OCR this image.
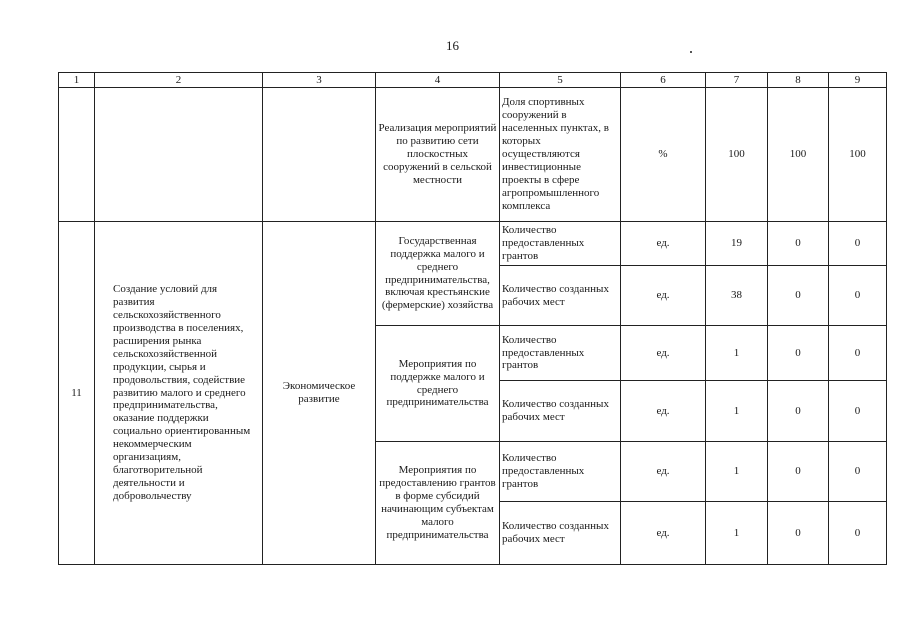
16
1	2	3	4	5	6	7	8	9
			Реализация мероприятий по развитию сети плоскостных сооружений в сельской местности	Доля спортивных сооружений в населенных пунктах, в которых осуществляются инвестиционные проекты в сфере агропромышленного комплекса	%	100	100	100
11	Создание условий для развития сельскохозяйственного производства в поселениях, расширения рынка сельскохозяйственной продукции, сырья и продовольствия, содействие развитию малого и среднего предпринимательства, оказание поддержки социально ориентированным некоммерческим организациям, благотворительной деятельности и добровольчеству	Экономическое развитие	Государственная поддержка малого и среднего предпринимательства, включая крестьянские (фермерские) хозяйства	Количество предоставленных грантов	ед.	19	0	0
				Количество созданных рабочих мест	ед.	38	0	0
			Мероприятия по поддержке малого и среднего предпринимательства	Количество предоставленных грантов	ед.	1	0	0
				Количество созданных рабочих мест	ед.	1	0	0
			Мероприятия по предоставлению грантов в форме субсидий начинающим субъектам малого предпринимательства	Количество предоставленных грантов	ед.	1	0	0
				Количество созданных рабочих мест	ед.	1	0	0
